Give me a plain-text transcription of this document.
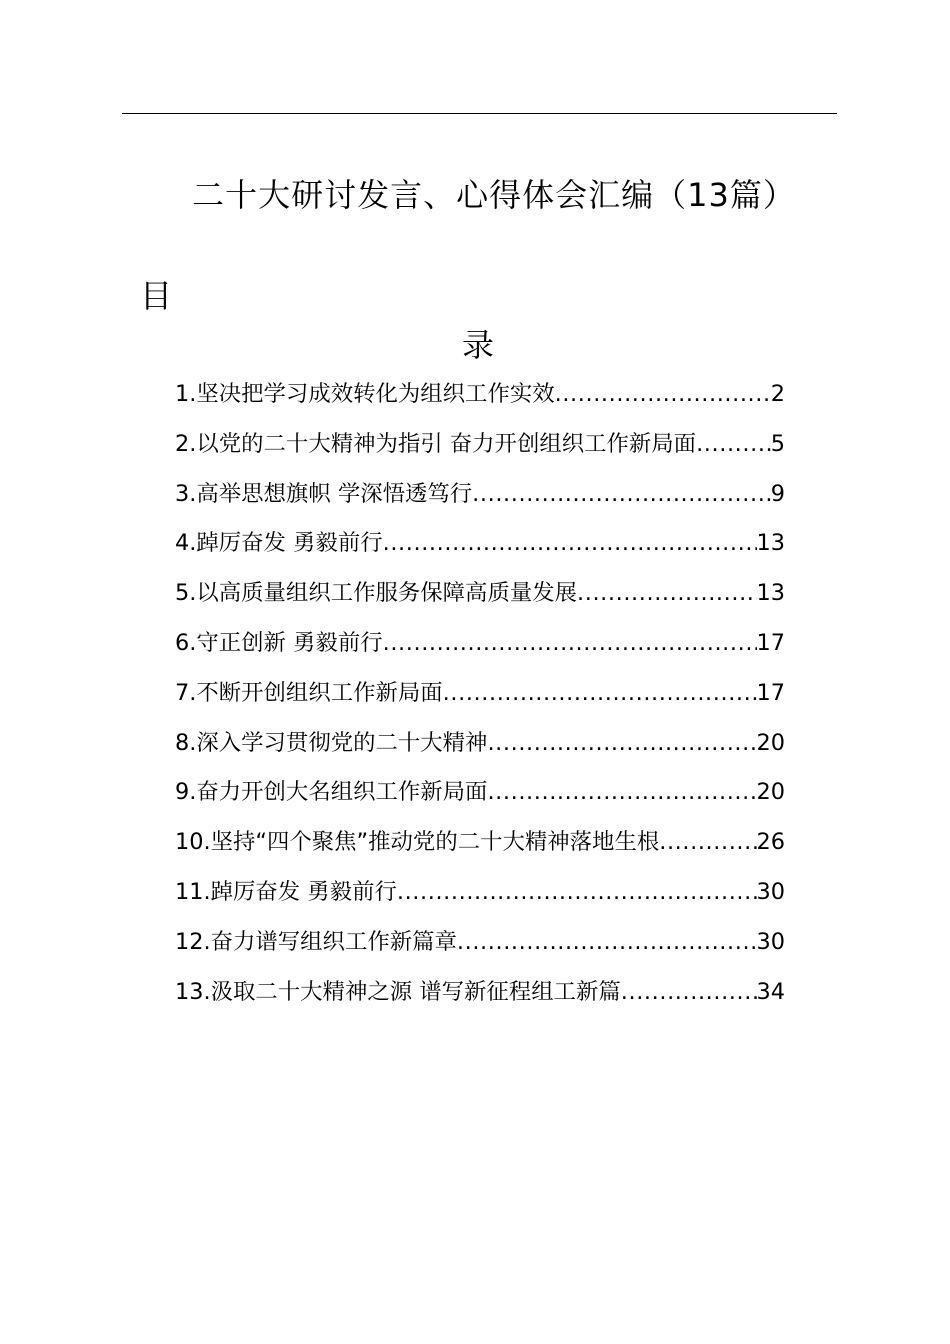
二十大研讨发言、心得体会汇编（13篇）
目
录
1.坚决把学习成效转化为组织工作实效 .....	2
2.以党的二十大精神为指引 奋力开创组织工作新局面 .....	5
3.高举思想旗帜 学深悟透笃行 .....	9
4.踔厉奋发 勇毅前行 .....	13
5.以高质量组织工作服务保障高质量发展 .....	13
6.守正创新 勇毅前行 .....	17
7.不断开创组织工作新局面 .....	17
8.深入学习贯彻党的二十大精神 .....	20
9.奋力开创大名组织工作新局面 .....	20
10.坚持“四个聚焦”推动党的二十大精神落地生根 .....	26
11.踔厉奋发 勇毅前行 .....	30
12.奋力谱写组织工作新篇章 .....	30
13.汲取二十大精神之源 谱写新征程组工新篇 .....	34
